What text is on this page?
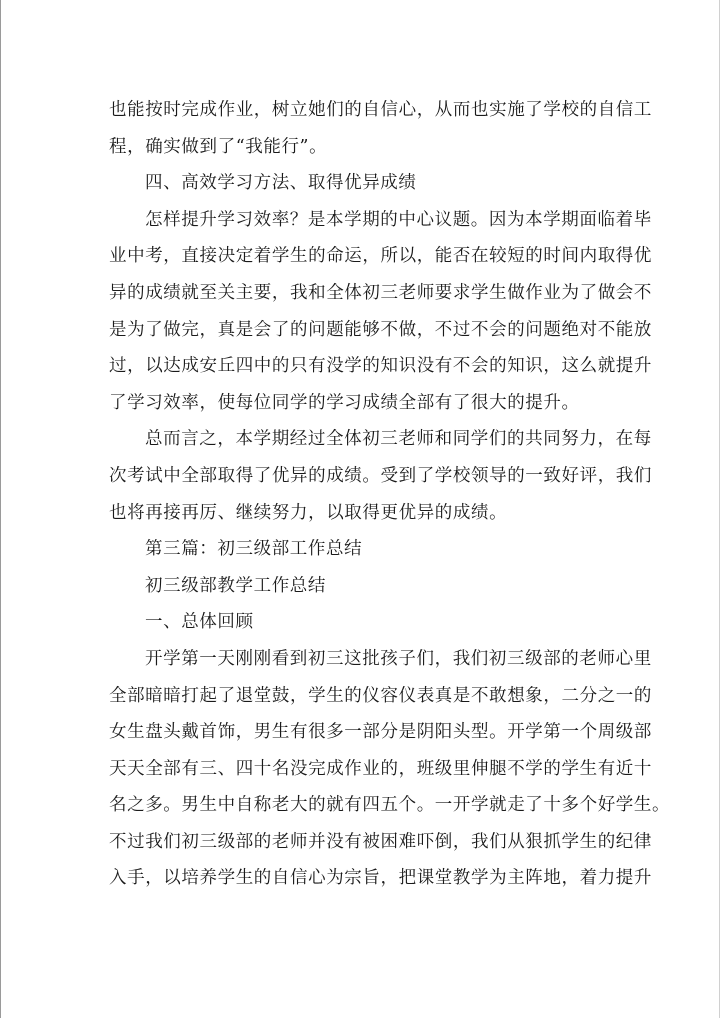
也能按时完成作业，树立她们的自信心，从而也实施了学校的自信工
程，确实做到了“我能行”。
四、高效学习方法、取得优异成绩
怎样提升学习效率？是本学期的中心议题。因为本学期面临着毕
业中考，直接决定着学生的命运，所以，能否在较短的时间内取得优
异的成绩就至关主要，我和全体初三老师要求学生做作业为了做会不
是为了做完，真是会了的问题能够不做，不过不会的问题绝对不能放
过，以达成安丘四中的只有没学的知识没有不会的知识，这么就提升
了学习效率，使每位同学的学习成绩全部有了很大的提升。
总而言之，本学期经过全体初三老师和同学们的共同努力，在每
次考试中全部取得了优异的成绩。受到了学校领导的一致好评，我们
也将再接再厉、继续努力，以取得更优异的成绩。
第三篇：初三级部工作总结
初三级部教学工作总结
一、总体回顾
开学第一天刚刚看到初三这批孩子们，我们初三级部的老师心里
全部暗暗打起了退堂鼓，学生的仪容仪表真是不敢想象，二分之一的
女生盘头戴首饰，男生有很多一部分是阴阳头型。开学第一个周级部
天天全部有三、四十名没完成作业的，班级里伸腿不学的学生有近十
名之多。男生中自称老大的就有四五个。一开学就走了十多个好学生。
不过我们初三级部的老师并没有被困难吓倒，我们从狠抓学生的纪律
入手，以培养学生的自信心为宗旨，把课堂教学为主阵地，着力提升
